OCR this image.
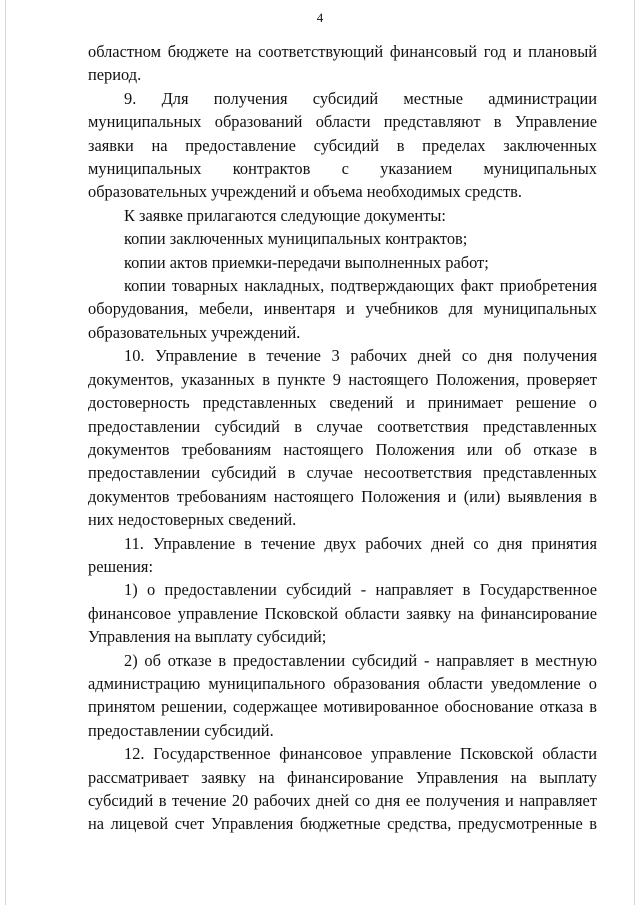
4

областном бюджете на соответствующий финансовый год и плановый период.

9. Для получения субсидий местные администрации муниципальных образований области представляют в Управление заявки на предоставление субсидий в пределах заключенных муниципальных контрактов с указанием муниципальных образовательных учреждений и объема необходимых средств.

К заявке прилагаются следующие документы:

копии заключенных муниципальных контрактов;

копии актов приемки-передачи выполненных работ;

копии товарных накладных, подтверждающих факт приобретения оборудования, мебели, инвентаря и учебников для муниципальных образовательных учреждений.

10. Управление в течение 3 рабочих дней со дня получения документов, указанных в пункте 9 настоящего Положения, проверяет достоверность представленных сведений и принимает решение о предоставлении субсидий в случае соответствия представленных документов требованиям настоящего Положения или об отказе в предоставлении субсидий в случае несоответствия представленных документов требованиям настоящего Положения и (или) выявления в них недостоверных сведений.

11. Управление в течение двух рабочих дней со дня принятия решения:

1) о предоставлении субсидий - направляет в Государственное финансовое управление Псковской области заявку на финансирование Управления на выплату субсидий;

2) об отказе в предоставлении субсидий - направляет в местную администрацию муниципального образования области уведомление о принятом решении, содержащее мотивированное обоснование отказа в предоставлении субсидий.

12. Государственное финансовое управление Псковской области рассматривает заявку на финансирование Управления на выплату субсидий в течение 20 рабочих дней со дня ее получения и направляет на лицевой счет Управления бюджетные средства, предусмотренные в
